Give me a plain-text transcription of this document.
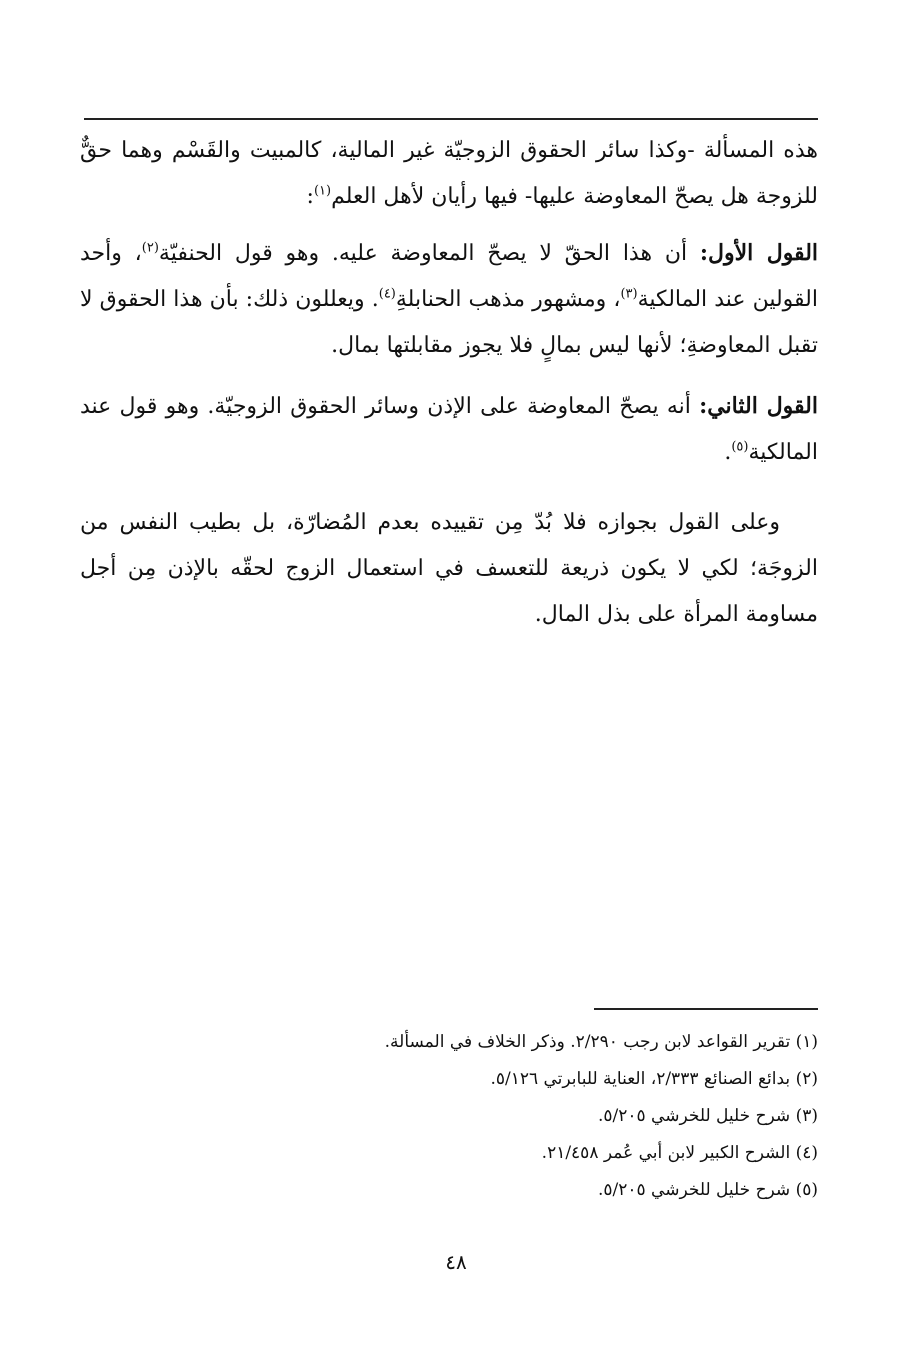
هذه المسألة -وكذا سائر الحقوق الزوجيّة غير المالية، كالمبيت والقَسْم وهما حقٌّ للزوجة هل يصحّ المعاوضة عليها- فيها رأيان لأهل العلم$^{(١)}$:

القول الأول: أن هذا الحقّ لا يصحّ المعاوضة عليه. وهو قول الحنفيّة$^{(٢)}$، وأحد القولين عند المالكية$^{(٣)}$، ومشهور مذهب الحنابلةِ$^{(٤)}$. ويعللون ذلك: بأن هذا الحقوق لا تقبل المعاوضةِ؛ لأنها ليس بمالٍ فلا يجوز مقابلتها بمال.

القول الثاني: أنه يصحّ المعاوضة على الإذن وسائر الحقوق الزوجيّة. وهو قول عند المالكية$^{(٥)}$.

وعلى القول بجوازه فلا بُدّ مِن تقييده بعدم المُضارّة، بل بطيب النفس من الزوجَة؛ لكي لا يكون ذريعة للتعسف في استعمال الزوج لحقّه بالإذن مِن أجل مساومة المرأة على بذل المال.

(١) تقرير القواعد لابن رجب ٢/٢٩٠. وذكر الخلاف في المسألة.

(٢) بدائع الصنائع ٢/٣٣٣، العناية للبابرتي ٥/١٢٦.

(٣) شرح خليل للخرشي ٥/٢٠٥.

(٤) الشرح الكبير لابن أبي عُمر ٢١/٤٥٨.

(٥) شرح خليل للخرشي ٥/٢٠٥.

٤٨
